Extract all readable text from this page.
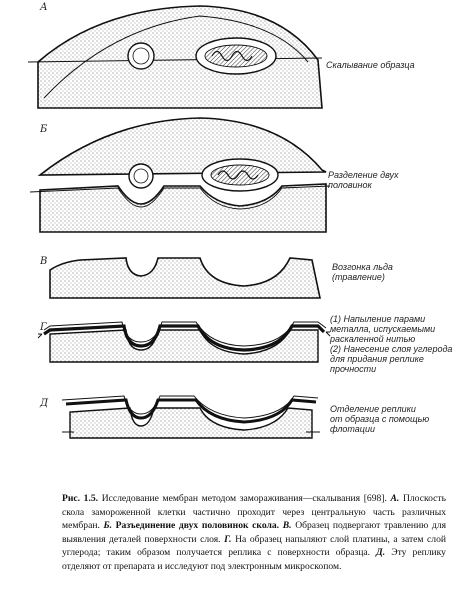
А
Б
В
Г
Д
Скалывание образца
Разделение двух
половинок
Возгонка льда
(травление)
(1) Напыление парами
металла, испускаемыми
раскаленной нитью
(2) Нанесение слоя углерода
для придания реплике
прочности
Отделение реплики
от образца с помощью
флотации
Рис. 1.5. Исследование мембран методом замораживания—скалывания [698]. А. Плоскость скола замороженной клетки частично проходит через центральную часть различных мембран. Б. Разъединение двух половинок скола. В. Образец подвергают травлению для выявления деталей поверхности слоя. Г. На образец напыляют слой платины, а затем слой углерода; таким образом получается реплика с поверхности образца. Д. Эту реплику отделяют от препарата и исследуют под электронным микроскопом.
